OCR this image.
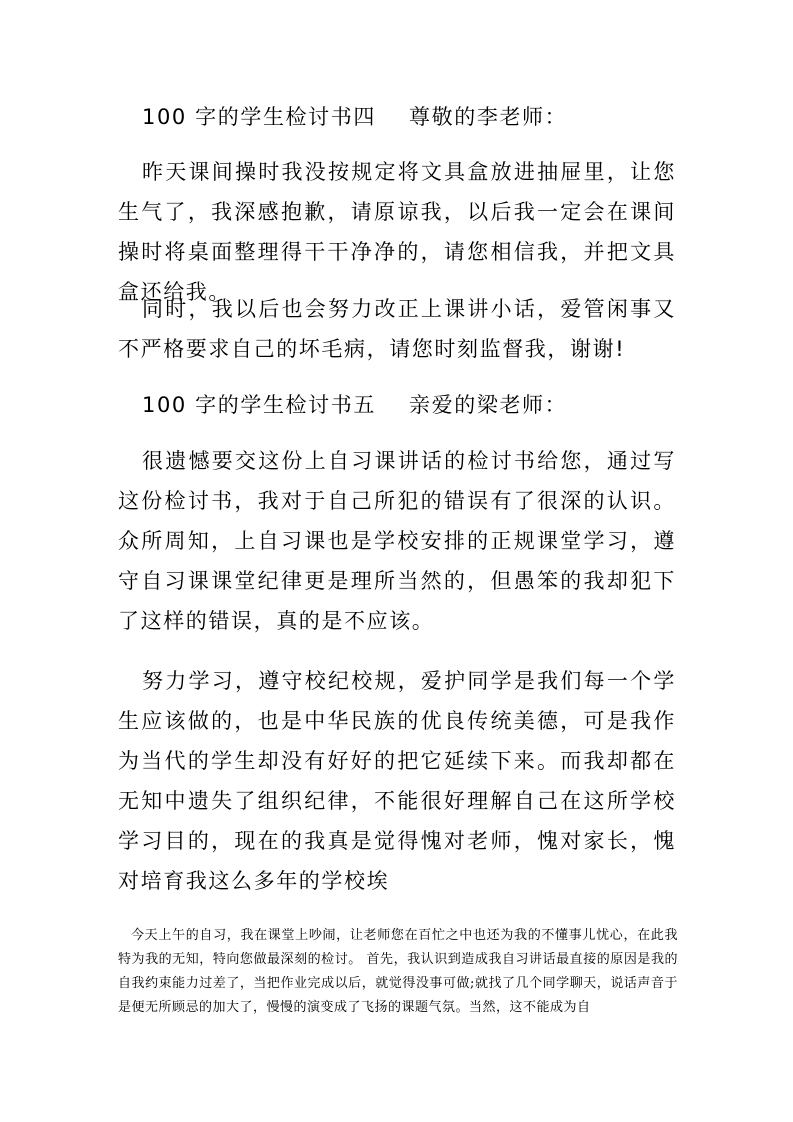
100 字的学生检讨书四    尊敬的李老师：

昨天课间操时我没按规定将文具盒放进抽屉里，让您生气了，我深感抱歉，请原谅我，以后我一定会在课间操时将桌面整理得干干净净的，请您相信我，并把文具盒还给我。

同时，我以后也会努力改正上课讲小话，爱管闲事又不严格要求自己的坏毛病，请您时刻监督我，谢谢!

100 字的学生检讨书五    亲爱的梁老师：

很遗憾要交这份上自习课讲话的检讨书给您，通过写这份检讨书，我对于自己所犯的错误有了很深的认识。众所周知，上自习课也是学校安排的正规课堂学习，遵守自习课课堂纪律更是理所当然的，但愚笨的我却犯下了这样的错误，真的是不应该。

努力学习，遵守校纪校规，爱护同学是我们每一个学生应该做的，也是中华民族的优良传统美德，可是我作为当代的学生却没有好好的把它延续下来。而我却都在无知中遗失了组织纪律，不能很好理解自己在这所学校学习目的，现在的我真是觉得愧对老师，愧对家长，愧对培育我这么多年的学校埃

今天上午的自习，我在课堂上吵闹，让老师您在百忙之中也还为我的不懂事儿忧心，在此我特为我的无知，特向您做最深刻的检讨。 首先，我认识到造成我自习讲话最直接的原因是我的自我约束能力过差了，当把作业完成以后，就觉得没事可做;就找了几个同学聊天，说话声音于是便无所顾忌的加大了，慢慢的演变成了飞扬的课题气氛。当然，这不能成为自
